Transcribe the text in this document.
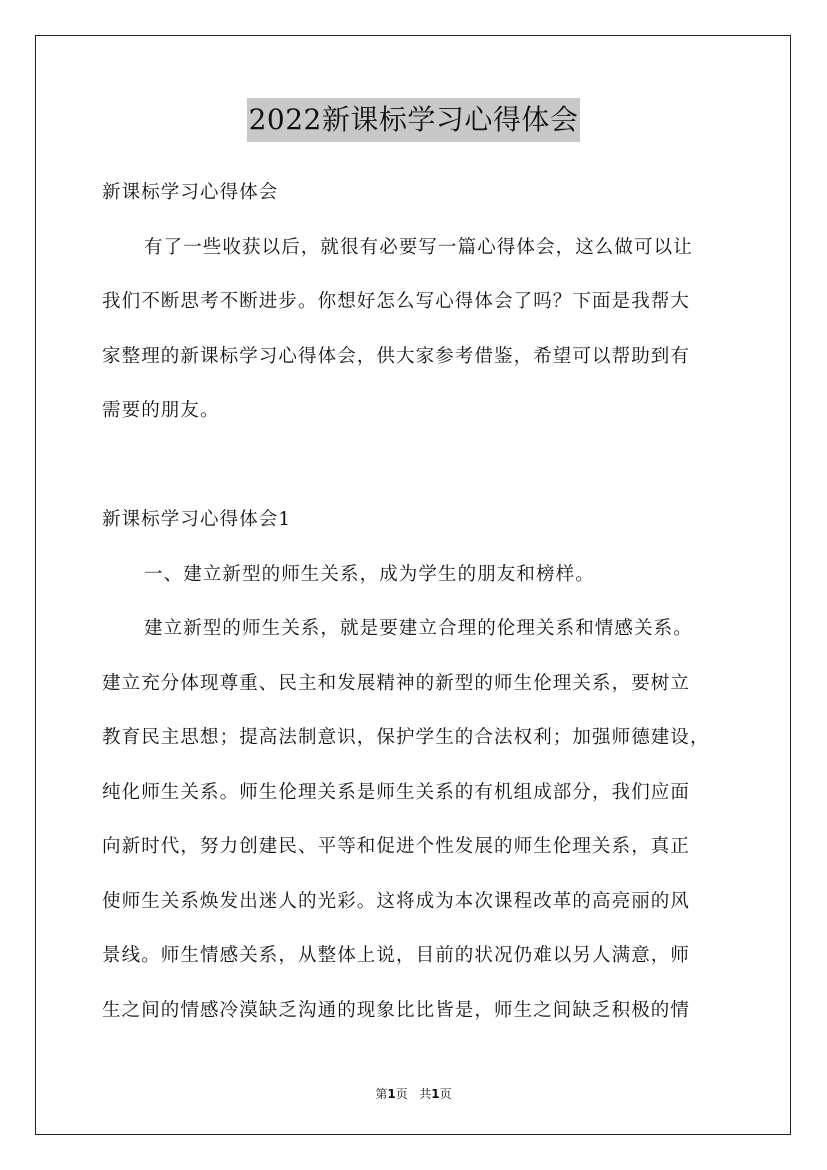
2022新课标学习心得体会
新课标学习心得体会
有了一些收获以后，就很有必要写一篇心得体会，这么做可以让
我们不断思考不断进步。你想好怎么写心得体会了吗？下面是我帮大
家整理的新课标学习心得体会，供大家参考借鉴，希望可以帮助到有
需要的朋友。
新课标学习心得体会1
一、建立新型的师生关系，成为学生的朋友和榜样。
建立新型的师生关系，就是要建立合理的伦理关系和情感关系。
建立充分体现尊重、民主和发展精神的新型的师生伦理关系，要树立
教育民主思想；提高法制意识，保护学生的合法权利；加强师德建设，
纯化师生关系。师生伦理关系是师生关系的有机组成部分，我们应面
向新时代，努力创建民、平等和促进个性发展的师生伦理关系，真正
使师生关系焕发出迷人的光彩。这将成为本次课程改革的高亮丽的风
景线。师生情感关系，从整体上说，目前的状况仍难以另人满意，师
生之间的情感冷漠缺乏沟通的现象比比皆是，师生之间缺乏积极的情
第1页 共1页
